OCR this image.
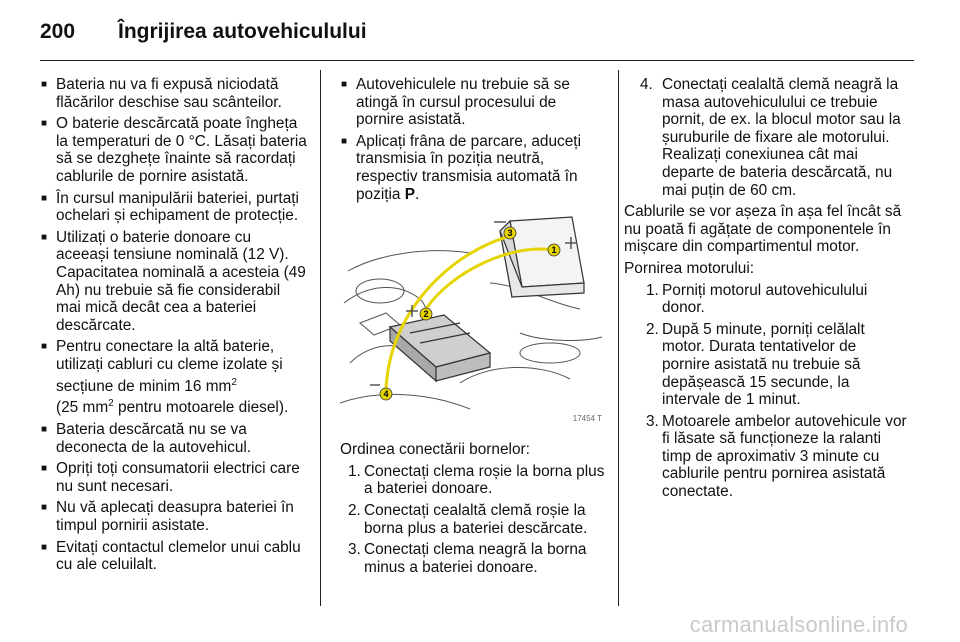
200	Îngrijirea autovehiculului
■ Bateria nu va fi expusă niciodată flăcărilor deschise sau scânteilor.
■ O baterie descărcată poate îngheța la temperaturi de 0 °C. Lăsați bateria să se dezghețe înainte să racordați cablurile de pornire asistată.
■ În cursul manipulării bateriei, purtați ochelari și echipament de protecție.
■ Utilizați o baterie donoare cu aceeași tensiune nominală (12 V). Capacitatea nominală a acesteia (49 Ah) nu trebuie să fie considerabil mai mică decât cea a bateriei descărcate.
■ Pentru conectare la altă baterie, utilizați cabluri cu cleme izolate și secțiune de minim 16 $mm^2$
(25 $mm^2$ pentru motoarele diesel).
■ Bateria descărcată nu se va deconecta de la autovehicul.
■ Opriți toți consumatorii electrici care nu sunt necesari.
■ Nu vă aplecați deasupra bateriei în timpul pornirii asistate.
■ Evitați contactul clemelor unui cablu cu ale celuilalt.
■ Autovehiculele nu trebuie să se atingă în cursul procesului de pornire asistată.
■ Aplicați frâna de parcare, aduceți transmisia în poziția neutră, respectiv transmisia automată în poziția P.
1
2
3
4
17454 T

Ordinea conectării bornelor:

1. Conectați clema roșie la borna plus a bateriei donoare.
2. Conectați cealaltă clemă roșie la borna plus a bateriei descărcate.
3. Conectați clema neagră la borna minus a bateriei donoare.
4. Conectați cealaltă clemă neagră la masa autovehiculului ce trebuie pornit, de ex. la blocul motor sau la șuruburile de fixare ale motorului. Realizați conexiunea cât mai departe de bateria descărcată, nu mai puțin de 60 cm.

Cablurile se vor așeza în așa fel încât să nu poată fi agățate de componentele în mișcare din compartimentul motor.

Pornirea motorului:

1. Porniți motorul autovehiculului donor.
2. După 5 minute, porniți celălalt motor. Durata tentativelor de pornire asistată nu trebuie să depășească 15 secunde, la intervale de 1 minut.
3. Motoarele ambelor autovehicule vor fi lăsate să funcționeze la ralanti timp de aproximativ 3 minute cu cablurile pentru pornirea asistată conectate.
carmanualsonline.info
